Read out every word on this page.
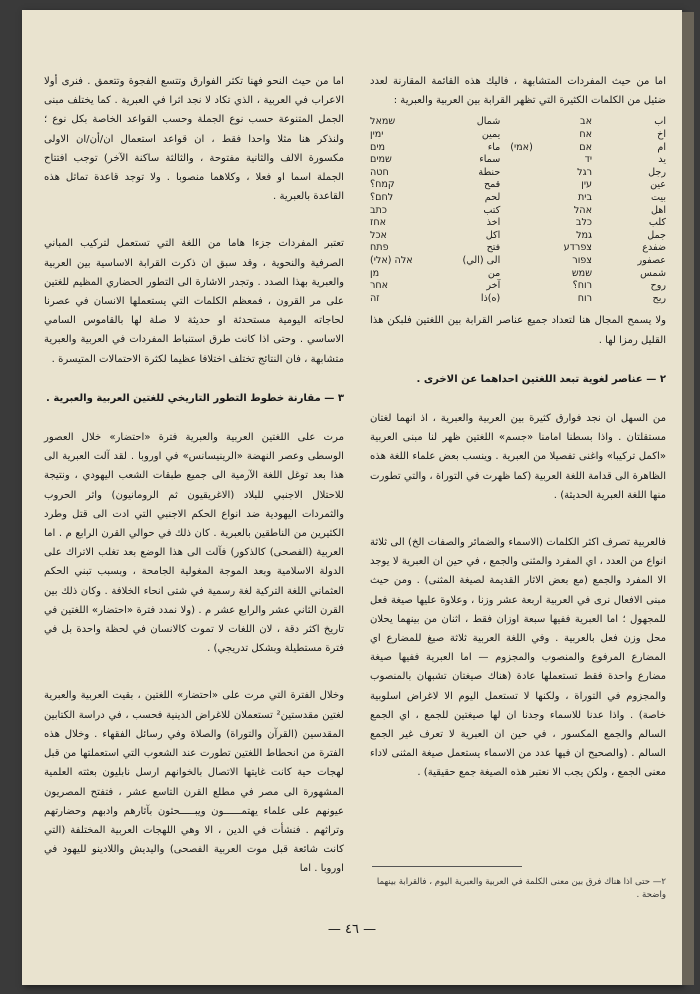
اما من حيث المفردات المتشابهة ، فاليك هذه القائمة المقارنة لعدد ضئيل من الكلمات الكثيرة التي تظهر القرابة بين العربية والعبرية :

اب	אב		شمال	שמאל
اخ	אח		يمين	ימין
ام	אם	(אמי)	ماء	מים
يد	יד		سماء	שמים
رجل	רגל		حنطة	חטה
عين	עין		قمح	קמח؟
بيت	בית		لحم	לחם؟
اهل	אהל		كتب	כתב
كلب	כלב		اخذ	אחז
جمل	גמל		اكل	אכל
ضفدع	צפרדע		فتح	פתח
عصفور	צפור		الى (الي)	אלה (אלי)
شمس	שמש		من	מן
روح	רוח؟		آخر	אחר
ريح	רוח		(ه)ذا	זה

ولا يسمح المجال هنا لتعداد جميع عناصر القرابة بين اللغتين فلبكن هذا القليل رمزا لها .

٢ — عناصر لغوية تبعد اللغتين احداهما عن الاخرى .

من السهل ان نجد فوارق كثيرة بين العربية والعبرية ، اذ انهما لغتان مستقلتان . واذا بسطنا امامنا «جسم» اللغتين ظهر لنا مبنى العربية «اكمل تركيبا» واغنى تفصيلا من العبرية . وينسب بعض علماء اللغة هذه الظاهرة الى قدامة اللغة العربية (كما ظهرت في التوراة ، والتي تطورت منها اللغة العبرية الحديثة) .

فالعربية تصرف اكثر الكلمات (الاسماء والضمائر والصفات الخ) الى ثلاثة انواع من العدد ، اي المفرد والمثنى والجمع ، في حين ان العبرية لا يوجد الا المفرد والجمع (مع بعض الاثار القديمة لصيغة المثنى) . ومن حيث مبنى الافعال نرى في العربية اربعة عشر وزنا ، وعلاوة عليها صيغة فعل للمجهول ؛ اما العبرية ففيها سبعة اوزان فقط ، اثنان من بينهما يحلان محل وزن فعل بالعربية . وفي اللغة العربية ثلاثة صيغ للمضارع اي المضارع المرفوع والمنصوب والمجزوم — اما العبرية ففيها صيغة مضارع واحدة فقط تستعملها عادة (هناك صيغتان تشبهان بالمنصوب والمجزوم في التوراة ، ولكنها لا تستعمل اليوم الا لاغراض اسلوبية خاصة) . واذا عدنا للاسماء وجدنا ان لها صيغتين للجمع ، اي الجمع السالم والجمع المكسور ، في حين ان العبرية لا تعرف غير الجمع السالم . (والصحيح ان فيها عدد من الاسماء يستعمل صيغة المثنى لاداء معنى الجمع ، ولكن يجب الا نعتبر هذه الصيغة جمع حقيقية) .

اما من حيث النحو فهنا تكثر الفوارق وتتسع الفجوة وتتعمق . فنرى أولا الاعراب في العربية ، الذي تكاد لا نجد اثرا في العبرية . كما يختلف مبنى الجمل المتنوعة حسب نوع الجملة وحسب القواعد الخاصة بكل نوع ؛ ولنذكر هنا مثلا واحدا فقط ، ان قواعد استعمال ان/أن/ان الاولى مكسورة الالف والثانية مفتوحة ، والثالثة ساكنة الآخر) توجب افتتاح الجملة اسما او فعلا ، وكلاهما منصوبا . ولا توجد قاعدة تماثل هذه القاعدة بالعبرية .

تعتبر المفردات جزءا هاما من اللغة التي تستعمل لتركيب المباني الصرفية والنحوية ، وقد سبق ان ذكرت القرابة الاساسية بين العربية والعبرية بهذا الصدد . وتجدر الاشارة الى التطور الحضاري المظيم للغتين على مر القرون ، فمعظم الكلمات التي يستعملها الانسان في عصرنا لحاجاته اليومية مستحدثة او حديثة لا صلة لها بالقاموس السامي الاساسي . وحتى اذا كانت طرق استنباط المفردات في العربية والعبرية متشابهة ، فان النتائج تختلف اختلافا عظيما لكثرة الاحتمالات المتيسرة .

٣ — مقارنة خطوط التطور التاريخي للغتين العربية والعبرية .

مرت على اللغتين العربية والعبرية فترة «احتضار» خلال العصور الوسطى وعصر النهضة «الرينيسانس» في اوروبا . لقد آلت العبرية الى هذا بعد توغل اللغة الآرمية الى جميع طبقات الشعب اليهودي ، ونتيجة للاحتلال الاجنبي للبلاد (الاغريقيون ثم الرومانيون) واثر الحروب والثمردات اليهودية ضد انواع الحكم الاجنبي التي ادت الى قتل وطرد الكثيرين من الناطقين بالعبرية . كان ذلك في حوالي القرن الرابع م . اما العربية (الفصحى) كالذكور) فآلت الى هذا الوضع بعد تغلب الاتراك على الدولة الاسلامية وبعد الموجة المغولية الجامحة ، وبسبب تبني الحكم العثماني اللغة التركية لغة رسمية في شتى انحاء الخلافة . وكان ذلك بين القرن الثاني عشر والرابع عشر م . (ولا نمدد فترة «احتضار» اللغتين في تاريخ اكثر دقة ، لان اللغات لا تموت كالانسان في لحظة واحدة بل في فترة مستطيلة وبشكل تدريجي) .

وخلال الفترة التي مرت على «احتضار» اللغتين ، بقيت العربية والعبرية لغتين مقدستين² تستعملان للاغراض الدينية فحسب ، في دراسة الكتابين المقدسين (القرآن والتوراة) والصلاة وفي رسائل الفقهاء . وخلال هذه الفترة من انحطاط اللغتين تطورت عند الشعوب التي استعملتها من قبل لهجات حية كانت غايتها الاتصال بالخوانهم ارسل نابليون بعثته العلمية المشهورة الى مصر في مطلع القرن التاسع عشر ، فتفتح المصريون عيونهم على علماء يهتمــــــون ويبـــــحثون بآثارهم وادبهم وحضارتهم وتراثهم . فنشأت في الدين ، الا وهي اللهجات العربية المختلفة (التي كانت شائعة قبل موت العربية الفصحى) واليديش واللادينو لليهود في اوروبا . اما

٢— حتى اذا هناك فرق بين معنى الكلمة في العربية والعبرية اليوم ، فالقرابة بينهما واضحة .

— ٤٦ —
